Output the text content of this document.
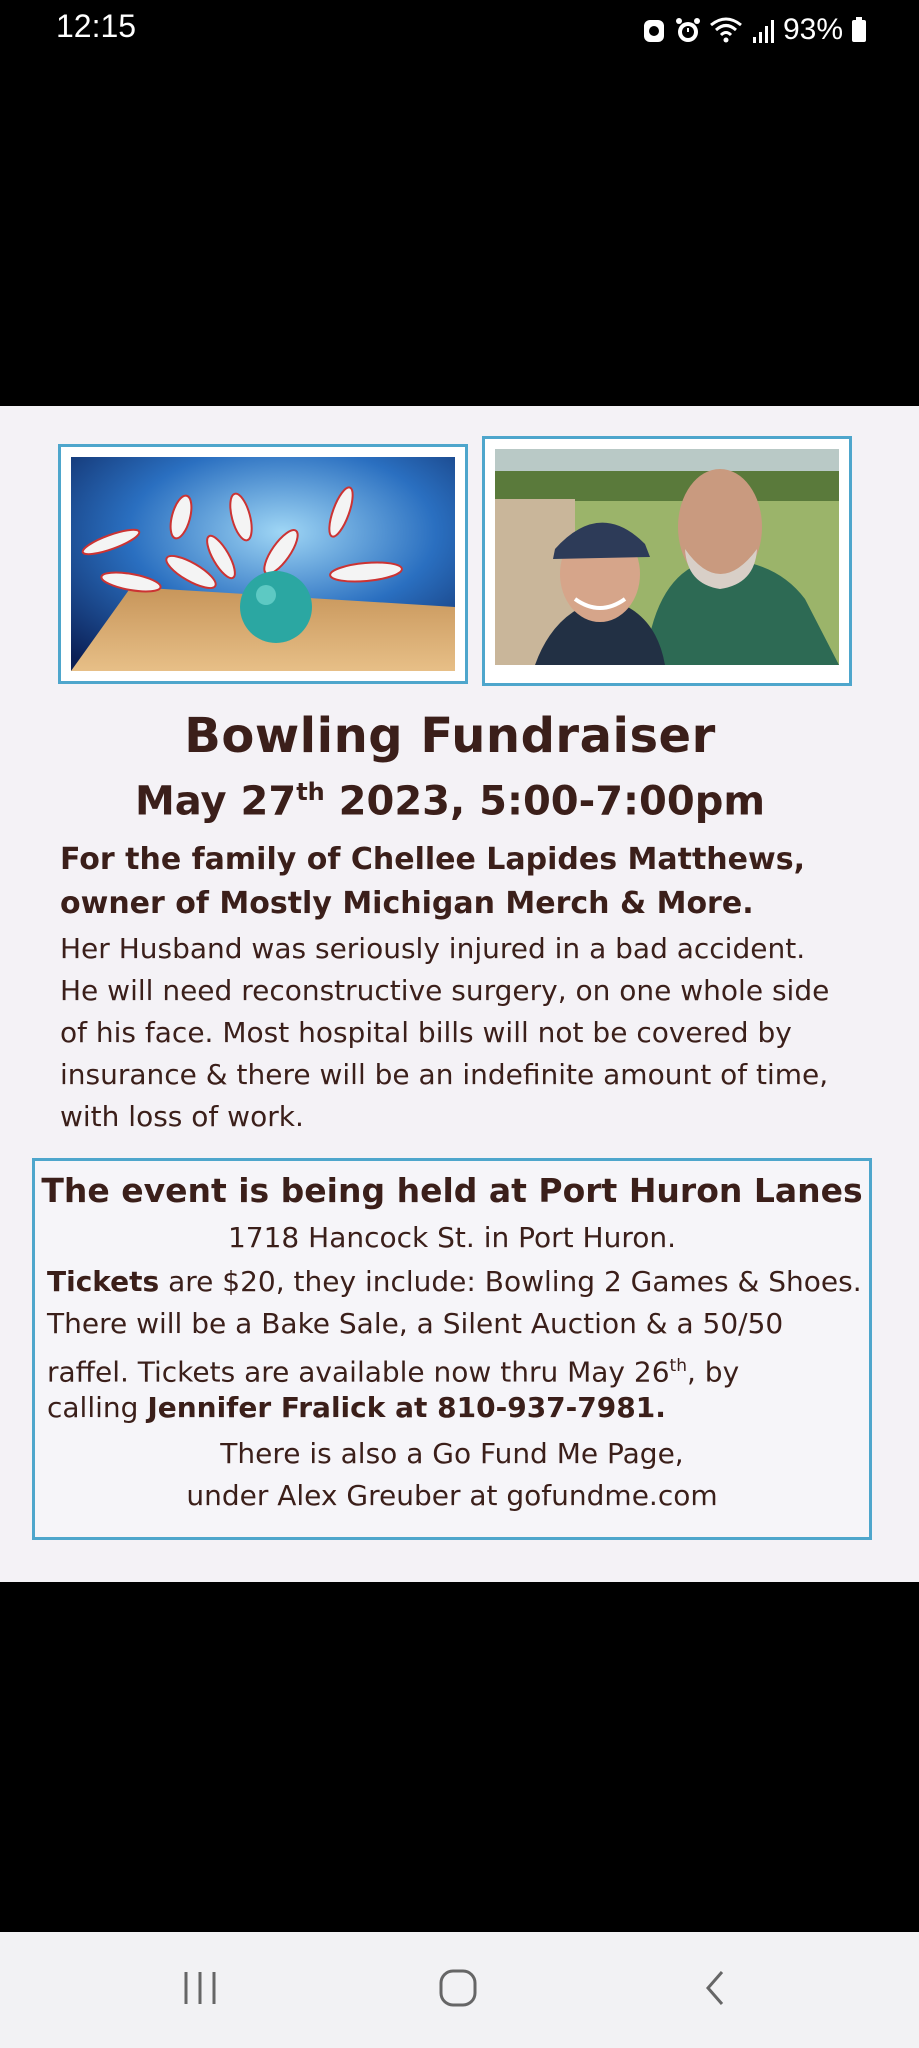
12:15	93%
Bowling Fundraiser
May 27th 2023, 5:00-7:00pm
For the family of Chellee Lapides Matthews,
owner of Mostly Michigan Merch & More.
Her Husband was seriously injured in a bad accident.
He will need reconstructive surgery, on one whole side
of his face. Most hospital bills will not be covered by
insurance & there will be an indefinite amount of time,
with loss of work.
The event is being held at Port Huron Lanes
1718 Hancock St. in Port Huron.
Tickets are $20, they include: Bowling 2 Games & Shoes.
There will be a Bake Sale, a Silent Auction & a 50/50
raffel. Tickets are available now thru May 26th, by
calling Jennifer Fralick at 810-937-7981.
There is also a Go Fund Me Page,
under Alex Greuber at gofundme.com
